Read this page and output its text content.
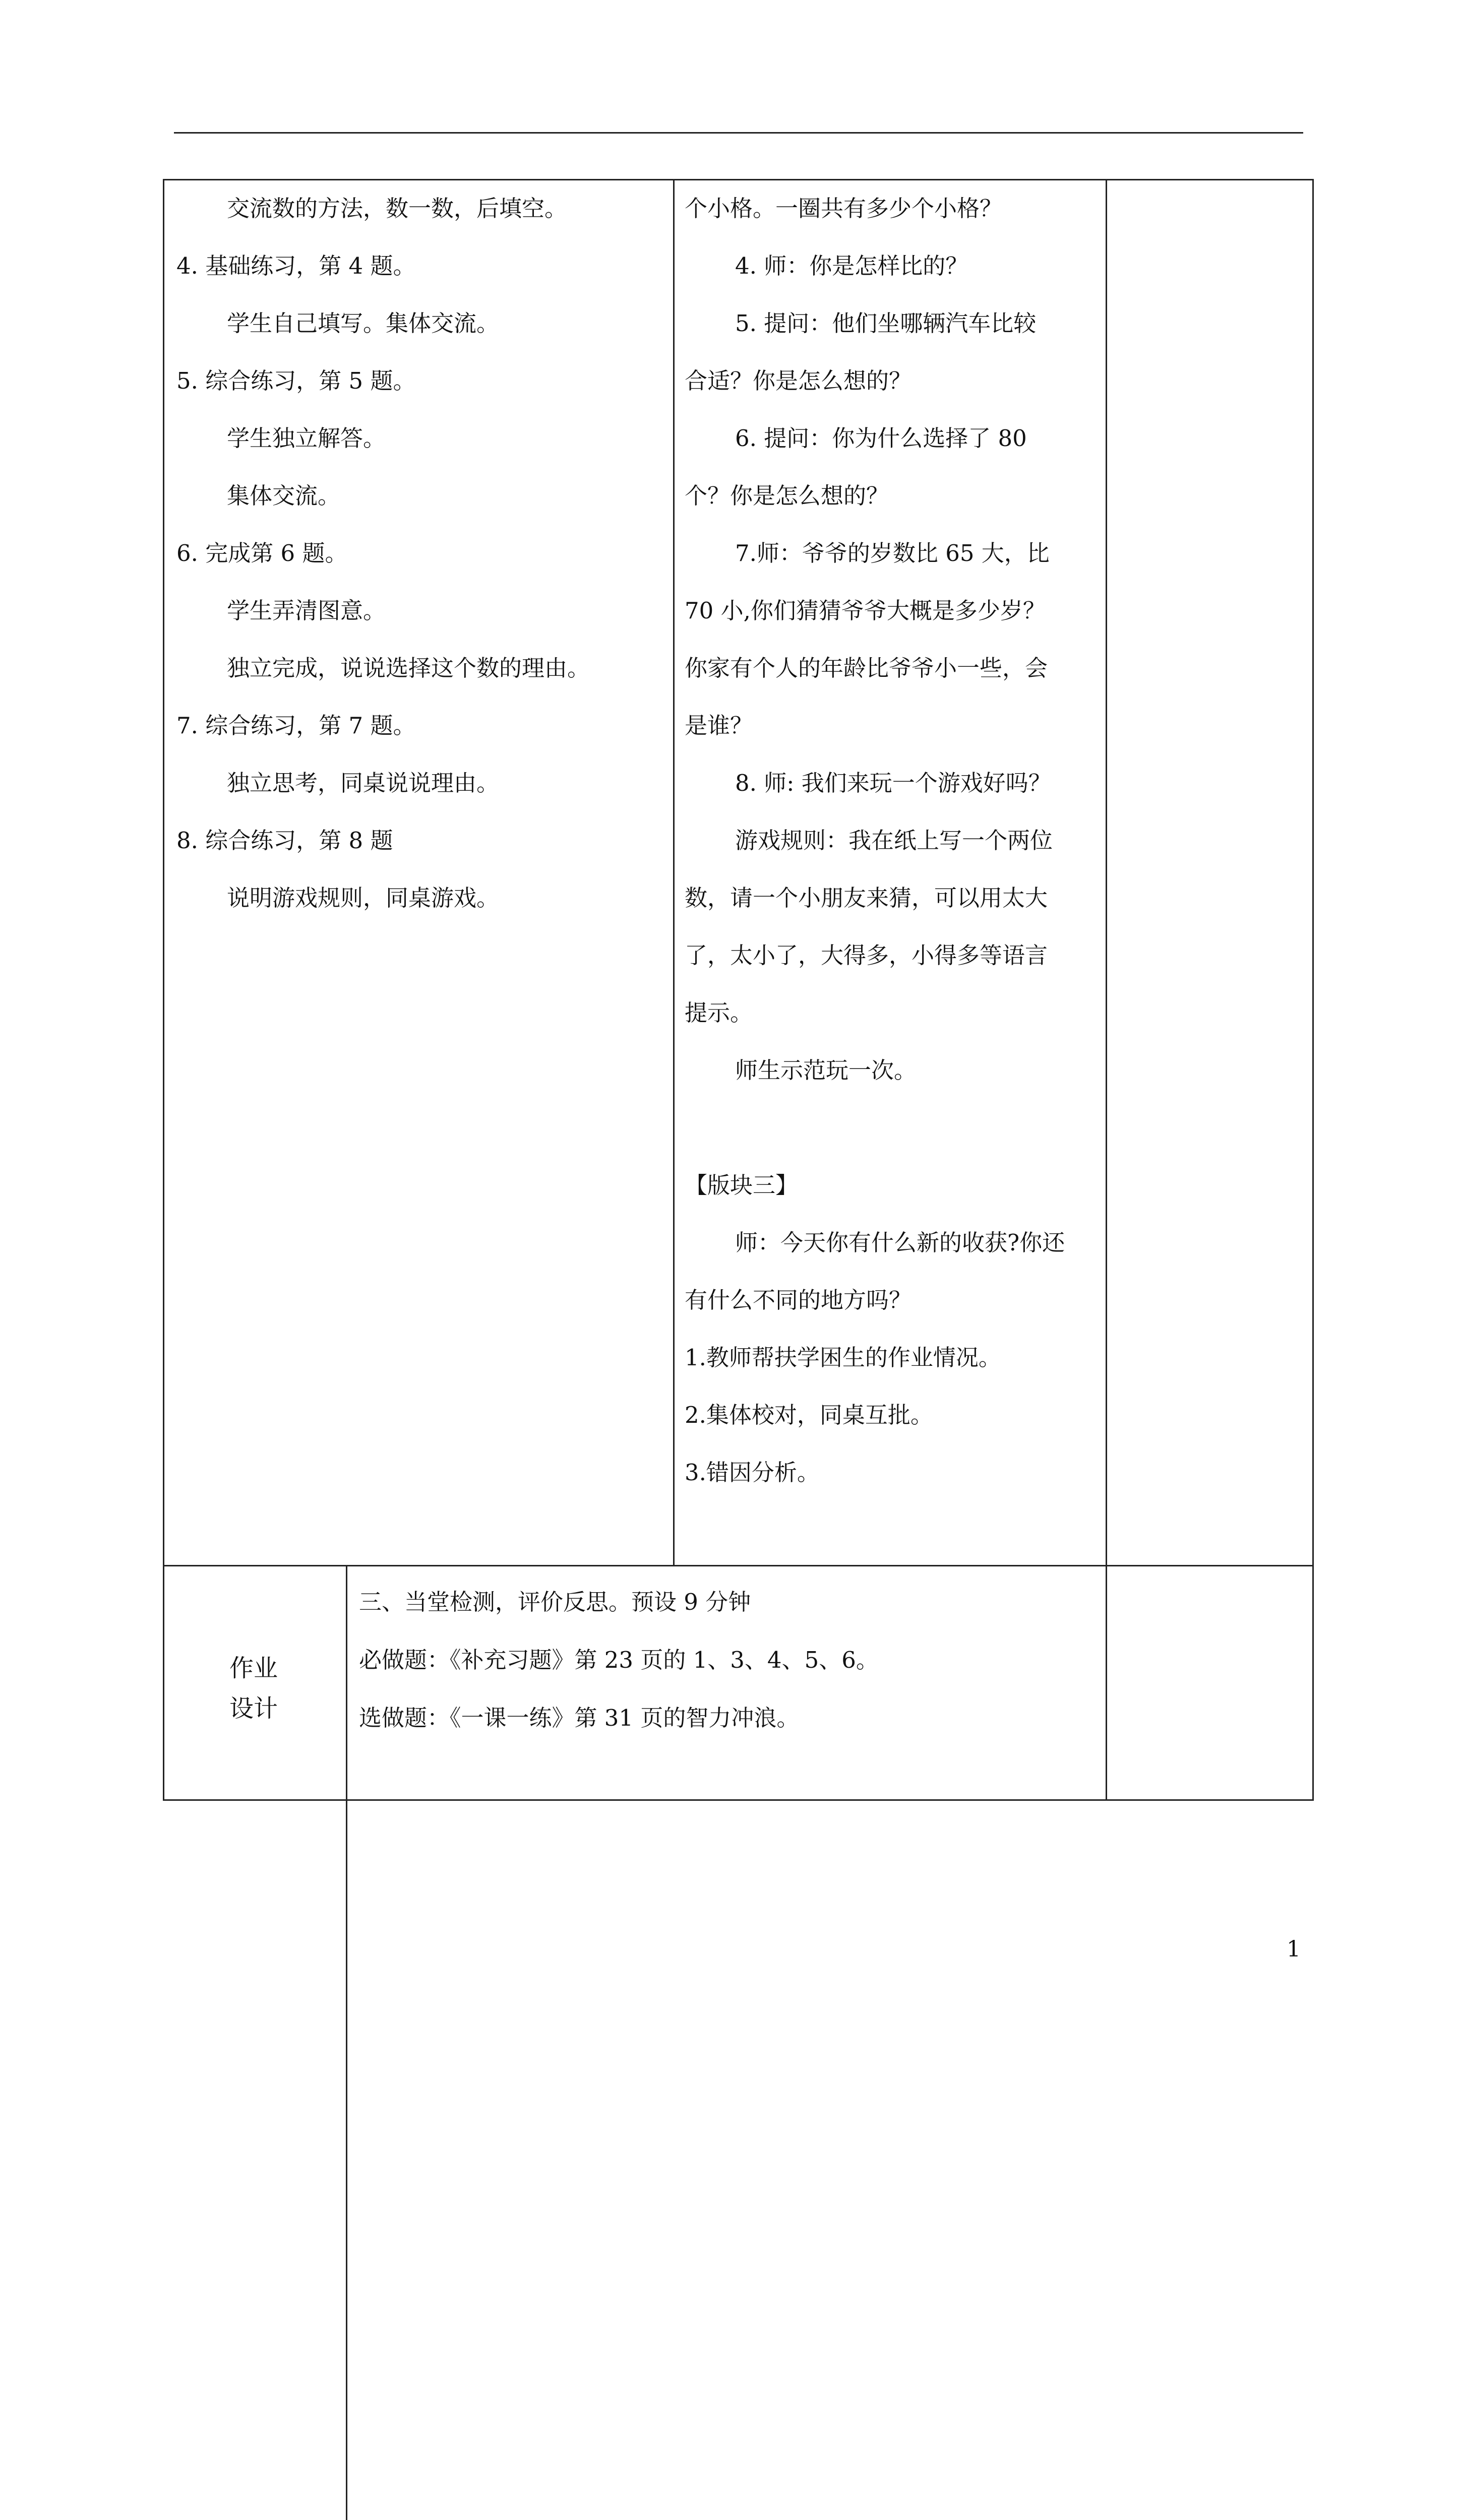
作业
设计
1
交流数的方法，数一数，后填空。
4. 基础练习，第 4 题。
学生自己填写。集体交流。
5. 综合练习，第 5 题。
学生独立解答。
集体交流。
6. 完成第 6 题。
学生弄清图意。
独立完成，说说选择这个数的理由。
7. 综合练习，第 7 题。
独立思考，同桌说说理由。
8. 综合练习，第 8 题
说明游戏规则，同桌游戏。
个小格。一圈共有多少个小格？
4. 师：你是怎样比的？
5. 提问：他们坐哪辆汽车比较
合适？你是怎么想的？
6. 提问：你为什么选择了 80
个？你是怎么想的？
7.师：爷爷的岁数比 65 大，比
70 小,你们猜猜爷爷大概是多少岁？
你家有个人的年龄比爷爷小一些，会
是谁？
8. 师: 我们来玩一个游戏好吗？
游戏规则：我在纸上写一个两位
数，请一个小朋友来猜，可以用太大
了，太小了，大得多，小得多等语言
提示。
师生示范玩一次。
【版块三】
师：今天你有什么新的收获?你还
有什么不同的地方吗？
1.教师帮扶学困生的作业情况。
2.集体校对，同桌互批。
3.错因分析。
三、当堂检测，评价反思。预设 9 分钟
必做题：《补充习题》第 23 页的 1、3、4、5、6。
选做题：《一课一练》第 31 页的智力冲浪。
